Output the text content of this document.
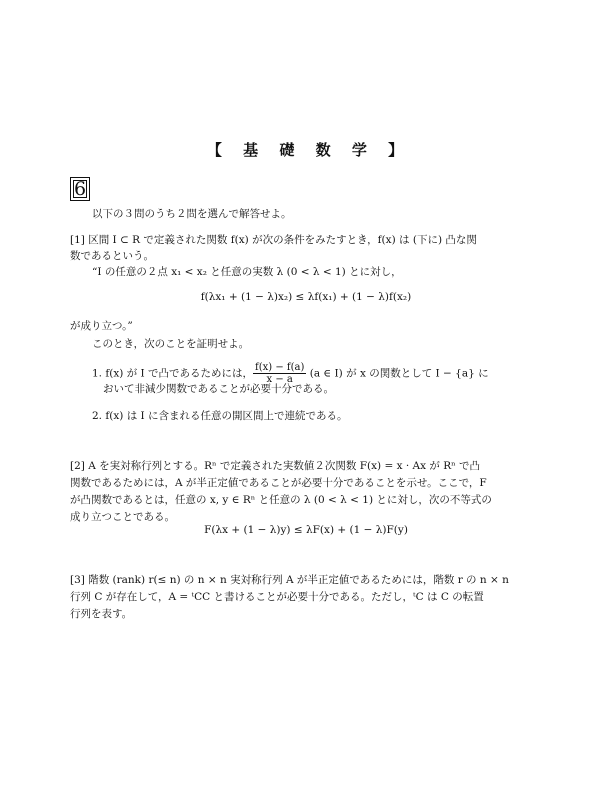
【 基 礎 数 学 】
6
以下の３問のうち２問を選んで解答せよ。
[1] 区間 I ⊂ R で定義された関数 f(x) が次の条件をみたすとき，f(x) は (下に) 凸な関
数であるという。
“I の任意の２点 x₁ < x₂ と任意の実数 λ (0 < λ < 1) とに対し，
f(λx₁ + (1 − λ)x₂) ≤ λf(x₁) + (1 − λ)f(x₂)
が成り立つ。”
このとき，次のことを証明せよ。
1. f(x) が I で凸であるためには， $\frac{f(x) - f(a)}{x - a} (a$ ∈ I) が x の関数として I − {a} に
おいて非減少関数であることが必要十分である。
2. f(x) は I に含まれる任意の開区間上で連続である。
[2] A を実対称行列とする。Rⁿ で定義された実数値２次関数 F(x) = x · Ax が Rⁿ で凸
関数であるためには，A が半正定値であることが必要十分であることを示せ。ここで，F
が凸関数であるとは，任意の x, y ∈ Rⁿ と任意の λ (0 < λ < 1) とに対し，次の不等式の
成り立つことである。
F(λx + (1 − λ)y) ≤ λF(x) + (1 − λ)F(y)
[3] 階数 (rank) r(≤ n) の n × n 実対称行列 A が半正定値であるためには，階数 r の n × n
行列 C が存在して，A = ᵗCC と書けることが必要十分である。ただし，ᵗC は C の転置
行列を表す。
